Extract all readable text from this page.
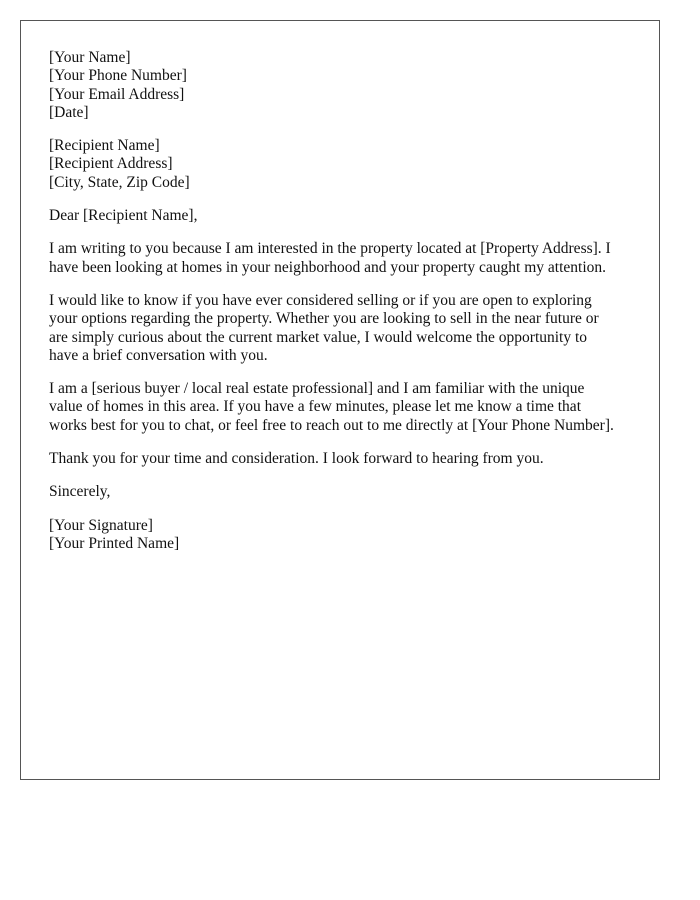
[Your Name]
[Your Phone Number]
[Your Email Address]
[Date]
[Recipient Name]
[Recipient Address]
[City, State, Zip Code]

Dear [Recipient Name],

I am writing to you because I am interested in the property located at [Property Address]. I
have been looking at homes in your neighborhood and your property caught my attention.

I would like to know if you have ever considered selling or if you are open to exploring
your options regarding the property. Whether you are looking to sell in the near future or
are simply curious about the current market value, I would welcome the opportunity to
have a brief conversation with you.

I am a [serious buyer / local real estate professional] and I am familiar with the unique
value of homes in this area. If you have a few minutes, please let me know a time that
works best for you to chat, or feel free to reach out to me directly at [Your Phone Number].

Thank you for your time and consideration. I look forward to hearing from you.

Sincerely,

[Your Signature]
[Your Printed Name]
